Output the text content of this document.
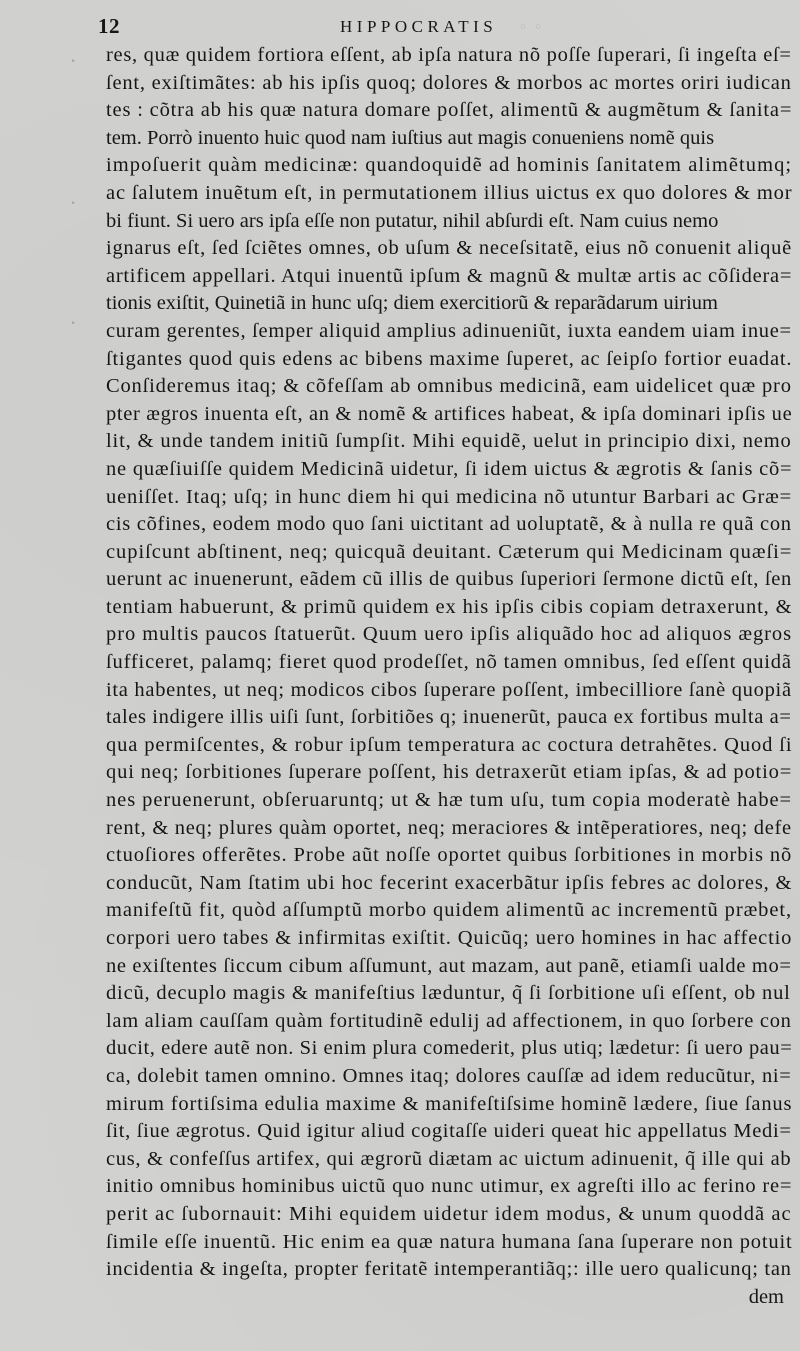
◦ ◦
12	HIPPOCRATIS
·
·
·
res, quæ quidem fortiora eſſent, ab ipſa natura nõ poſſe ſuperari, ſi ingeſta eſ=
ſent, exiſtimãtes: ab his ipſis quoq; dolores & morbos ac mortes oriri iudican
tes : cõtra ab his quæ natura domare poſſet, alimentũ & augmẽtum & ſanita=
tem. Porrò inuento huic quod nam iuſtius aut magis conueniens nomẽ quis
impoſuerit quàm medicinæ: quandoquidẽ ad hominis ſanitatem alimẽtumq;
ac ſalutem inuẽtum eſt, in permutationem illius uictus ex quo dolores & mor
bi fiunt. Si uero ars ipſa eſſe non putatur, nihil abſurdi eſt. Nam cuius nemo
ignarus eſt, ſed ſciẽtes omnes, ob uſum & neceſsitatẽ, eius nõ conuenit aliquẽ
artificem appellari. Atqui inuentũ ipſum & magnũ & multæ artis ac cõſidera=
tionis exiſtit, Quinetiã in hunc uſq; diem exercitiorũ & reparãdarum uirium
curam gerentes, ſemper aliquid amplius adinueniũt, iuxta eandem uiam inue=
ſtigantes quod quis edens ac bibens maxime ſuperet, ac ſeipſo fortior euadat.
Conſideremus itaq; & cõfeſſam ab omnibus medicinã, eam uidelicet quæ pro
pter ægros inuenta eſt, an & nomẽ & artifices habeat, & ipſa dominari ipſis ue
lit, & unde tandem initiũ ſumpſit. Mihi equidẽ, uelut in principio dixi, nemo
ne quæſiuiſſe quidem Medicinã uidetur, ſi idem uictus & ægrotis & ſanis cõ=
ueniſſet. Itaq; uſq; in hunc diem hi qui medicina nõ utuntur Barbari ac Græ=
cis cõfines, eodem modo quo ſani uictitant ad uoluptatẽ, & à nulla re quã con
cupiſcunt abſtinent, neq; quicquã deuitant. Cæterum qui Medicinam quæſi=
uerunt ac inuenerunt, eãdem cũ illis de quibus ſuperiori ſermone dictũ eſt, ſen
tentiam habuerunt, & primũ quidem ex his ipſis cibis copiam detraxerunt, &
pro multis paucos ſtatuerũt. Quum uero ipſis aliquãdo hoc ad aliquos ægros
ſufficeret, palamq; fieret quod prodeſſet, nõ tamen omnibus, ſed eſſent quidã
ita habentes, ut neq; modicos cibos ſuperare poſſent, imbecilliore ſanè quopiã
tales indigere illis uiſi ſunt, ſorbitiões q; inuenerũt, pauca ex fortibus multa a=
qua permiſcentes, & robur ipſum temperatura ac coctura detrahẽtes. Quod ſi
qui neq; ſorbitiones ſuperare poſſent, his detraxerũt etiam ipſas, & ad potio=
nes peruenerunt, obſeruaruntq; ut & hæ tum uſu, tum copia moderatè habe=
rent, & neq; plures quàm oportet, neq; meraciores & intẽperatiores, neq; defe
ctuoſiores offerẽtes. Probe aũt noſſe oportet quibus ſorbitiones in morbis nõ
conducũt, Nam ſtatim ubi hoc fecerint exacerbãtur ipſis febres ac dolores, &
manifeſtũ fit, quòd aſſumptũ morbo quidem alimentũ ac incrementũ præbet,
corpori uero tabes & infirmitas exiſtit. Quicũq; uero homines in hac affectio
ne exiſtentes ſiccum cibum aſſumunt, aut mazam, aut panẽ, etiamſi ualde mo=
dicũ, decuplo magis & manifeſtius læduntur, q̃ ſi ſorbitione uſi eſſent, ob nul
lam aliam cauſſam quàm fortitudinẽ edulij ad affectionem, in quo ſorbere con
ducit, edere autẽ non. Si enim plura comederit, plus utiq; lædetur: ſi uero pau=
ca, dolebit tamen omnino. Omnes itaq; dolores cauſſæ ad idem reducũtur, ni=
mirum fortiſsima edulia maxime & manifeſtiſsime hominẽ lædere, ſiue ſanus
ſit, ſiue ægrotus. Quid igitur aliud cogitaſſe uideri queat hic appellatus Medi=
cus, & confeſſus artifex, qui ægrorũ diætam ac uictum adinuenit, q̃ ille qui ab
initio omnibus hominibus uictũ quo nunc utimur, ex agreſti illo ac ferino re=
perit ac ſubornauit: Mihi equidem uidetur idem modus, & unum quoddã ac
ſimile eſſe inuentũ. Hic enim ea quæ natura humana ſana ſuperare non potuit
incidentia & ingeſta, propter feritatẽ intemperantiãq;: ille uero qualicunq; tan
dem
